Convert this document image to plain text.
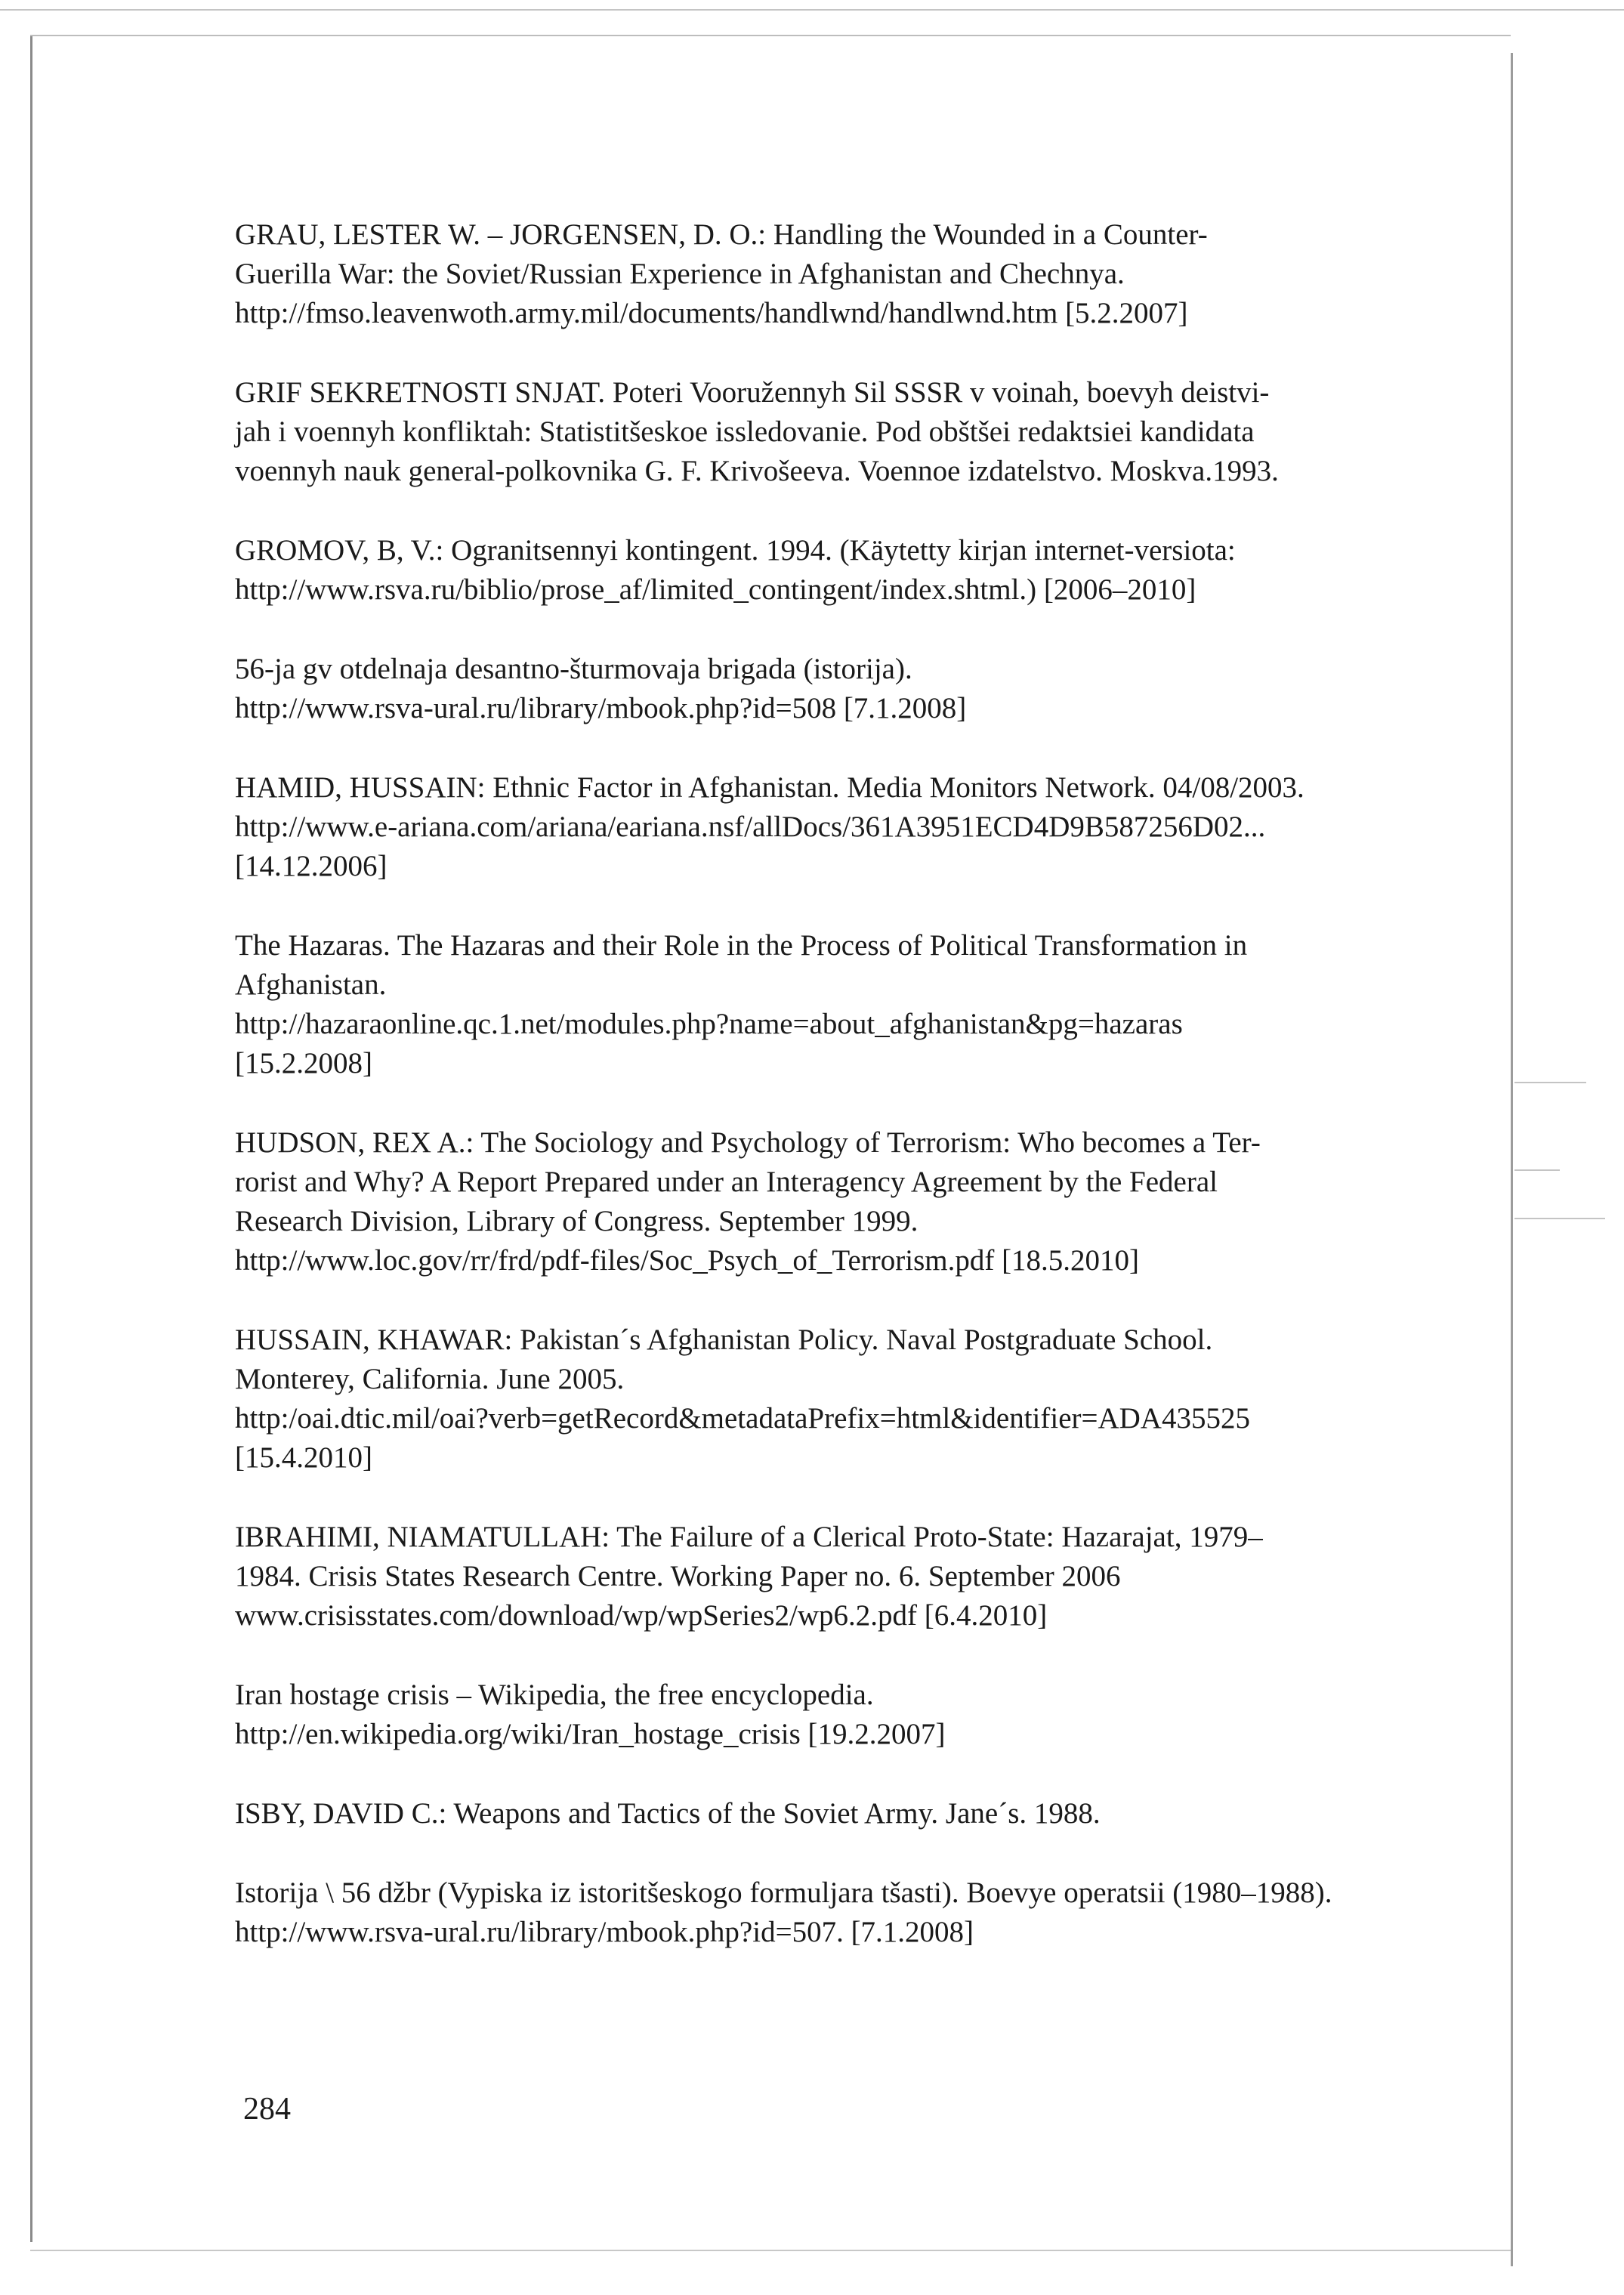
GRAU, LESTER W. – JORGENSEN, D. O.: Handling the Wounded in a Counter-
Guerilla War: the Soviet/Russian Experience in Afghanistan and Chechnya.
http://fmso.leavenwoth.army.mil/documents/handlwnd/handlwnd.htm [5.2.2007]
GRIF SEKRETNOSTI SNJAT. Poteri Vooružennyh Sil SSSR v voinah, boevyh deistvi-
jah i voennyh konfliktah: Statistitšeskoe issledovanie. Pod obštšei redaktsiei kandidata
voennyh nauk general-polkovnika G. F. Krivošeeva. Voennoe izdatelstvo. Moskva.1993.
GROMOV, B, V.: Ogranitsennyi kontingent. 1994. (Käytetty kirjan internet-versiota:
http://www.rsva.ru/biblio/prose_af/limited_contingent/index.shtml.) [2006–2010]
56-ja gv otdelnaja desantno-šturmovaja brigada (istorija).
http://www.rsva-ural.ru/library/mbook.php?id=508 [7.1.2008]
HAMID, HUSSAIN: Ethnic Factor in Afghanistan. Media Monitors Network. 04/08/2003.
http://www.e-ariana.com/ariana/eariana.nsf/allDocs/361A3951ECD4D9B587256D02...
[14.12.2006]
The Hazaras. The Hazaras and their Role in the Process of Political Transformation in
Afghanistan.
http://hazaraonline.qc.1.net/modules.php?name=about_afghanistan&pg=hazaras
[15.2.2008]
HUDSON, REX A.: The Sociology and Psychology of Terrorism: Who becomes a Ter-
rorist and Why? A Report Prepared under an Interagency Agreement by the Federal
Research Division, Library of Congress. September 1999.
http://www.loc.gov/rr/frd/pdf-files/Soc_Psych_of_Terrorism.pdf [18.5.2010]
HUSSAIN, KHAWAR: Pakistan´s Afghanistan Policy. Naval Postgraduate School.
Monterey, California. June 2005.
http:/oai.dtic.mil/oai?verb=getRecord&metadataPrefix=html&identifier=ADA435525
[15.4.2010]
IBRAHIMI, NIAMATULLAH: The Failure of a Clerical Proto-State: Hazarajat, 1979–
1984. Crisis States Research Centre. Working Paper no. 6. September 2006
www.crisisstates.com/download/wp/wpSeries2/wp6.2.pdf [6.4.2010]
Iran hostage crisis – Wikipedia, the free encyclopedia.
http://en.wikipedia.org/wiki/Iran_hostage_crisis [19.2.2007]
ISBY, DAVID C.: Weapons and Tactics of the Soviet Army. Jane´s. 1988.
Istorija \ 56 džbr (Vypiska iz istoritšeskogo formuljara tšasti). Boevye operatsii (1980–1988).
http://www.rsva-ural.ru/library/mbook.php?id=507. [7.1.2008]
284
